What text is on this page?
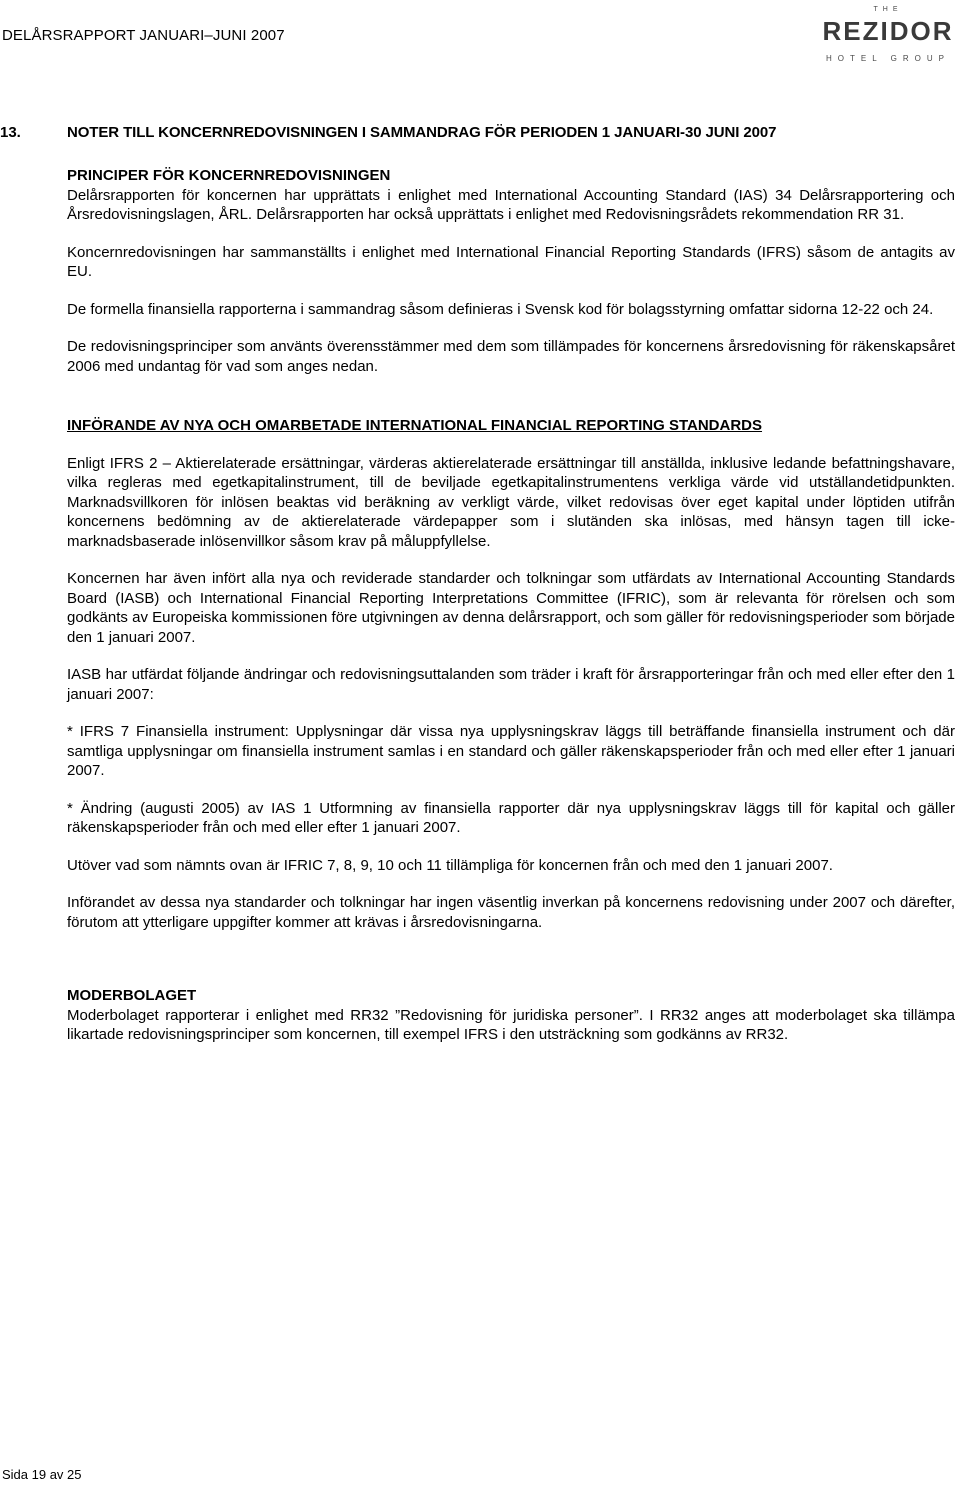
DELÅRSRAPPORT JANUARI–JUNI 2007
THE
REZIDOR
HOTEL GROUP
13.	NOTER TILL KONCERNREDOVISNINGEN I SAMMANDRAG FÖR PERIODEN 1 JANUARI-30 JUNI 2007

PRINCIPER FÖR KONCERNREDOVISNINGEN

Delårsrapporten för koncernen har upprättats i enlighet med International Accounting Standard (IAS) 34 Delårsrapportering och Årsredovisningslagen, ÅRL. Delårsrapporten har också upprättats i enlighet med Redovisningsrådets rekommendation RR 31.

Koncernredovisningen har sammanställts i enlighet med International Financial Reporting Standards (IFRS) såsom de antagits av EU.

De formella finansiella rapporterna i sammandrag såsom definieras i Svensk kod för bolagsstyrning omfattar sidorna 12-22 och 24.

De redovisningsprinciper som använts överensstämmer med dem som tillämpades för koncernens årsredovisning för räkenskapsåret 2006 med undantag för vad som anges nedan.

INFÖRANDE AV NYA OCH OMARBETADE INTERNATIONAL FINANCIAL REPORTING STANDARDS

Enligt IFRS 2 – Aktierelaterade ersättningar, värderas aktierelaterade ersättningar till anställda, inklusive ledande befattningshavare, vilka regleras med egetkapitalinstrument, till de beviljade egetkapitalinstrumentens verkliga värde vid utställandetidpunkten. Marknadsvillkoren för inlösen beaktas vid beräkning av verkligt värde, vilket redovisas över eget kapital under löptiden utifrån koncernens bedömning av de aktierelaterade värdepapper som i slutänden ska inlösas, med hänsyn tagen till icke-marknadsbaserade inlösenvillkor såsom krav på måluppfyllelse.

Koncernen har även infört alla nya och reviderade standarder och tolkningar som utfärdats av International Accounting Standards Board (IASB) och International Financial Reporting Interpretations Committee (IFRIC), som är relevanta för rörelsen och som godkänts av Europeiska kommissionen före utgivningen av denna delårsrapport, och som gäller för redovisningsperioder som började den 1 januari 2007.

IASB har utfärdat följande ändringar och redovisningsuttalanden som träder i kraft för årsrapporteringar från och med eller efter den 1 januari 2007:

* IFRS 7 Finansiella instrument: Upplysningar där vissa nya upplysningskrav läggs till beträffande finansiella instrument och där samtliga upplysningar om finansiella instrument samlas i en standard och gäller räkenskapsperioder från och med eller efter 1 januari 2007.

* Ändring (augusti 2005) av IAS 1 Utformning av finansiella rapporter där nya upplysningskrav läggs till för kapital och gäller räkenskapsperioder från och med eller efter 1 januari 2007.

Utöver vad som nämnts ovan är IFRIC 7, 8, 9, 10 och 11 tillämpliga för koncernen från och med den 1 januari 2007.

Införandet av dessa nya standarder och tolkningar har ingen väsentlig inverkan på koncernens redovisning under 2007 och därefter, förutom att ytterligare uppgifter kommer att krävas i årsredovisningarna.

MODERBOLAGET

Moderbolaget rapporterar i enlighet med RR32 ”Redovisning för juridiska personer”. I RR32 anges att moderbolaget ska tillämpa likartade redovisningsprinciper som koncernen, till exempel IFRS i den utsträckning som godkänns av RR32.

Sida 19 av 25
